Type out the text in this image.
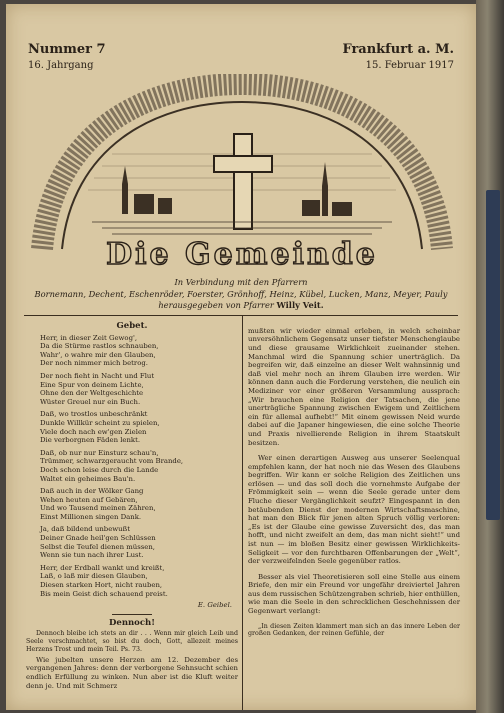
Nummer 7	Frankfurt a. M.
16. Jahrgang	15. Februar 1917
Die Gemeinde
In Verbindung mit den Pfarrern
Bornemann, Dechent, Eschenröder, Foerster, Grönhoff, Heinz, Kübel, Lucken, Manz, Meyer, Pauly
herausgegeben von Pfarrer Willy Veit.
Gebet.
Herr, in dieser Zeit Gewog',
Da die Stürme rastlos schnauben,
Wahr', o wahre mir den Glauben,
Der noch nimmer mich betrog.
Der noch fieht in Nacht und Flut
Eine Spur von deinem Lichte,
Ohne den der Weltgeschichte
Wüster Greuel nur ein Buch.
Daß, wo trostlos unbeschränkt
Dunkle Willkür scheint zu spielen,
Viele doch nach ew'gen Zielen
Die verborgnen Fäden lenkt.
Daß, ob nur nur Einsturz schau'n,
Trümmer, schwarzgeraucht vom Brande,
Doch schon leise durch die Lande
Waltet ein geheimes Bau'n.
Daß auch in der Wölker Gang
Wehen heuten auf Gebären,
Und wo Tausend meinen Zähren,
Einst Millionen singen Dank.
Ja, daß bildend unbewußt
Deiner Gnade heil'gen Schlüssen
Selbst die Teufel dienen müssen,
Wenn sie tun nach ihrer Lust.
Herr, der Erdball wankt und kreißt,
Laß, o laß mir diesen Glauben,
Diesen starken Hort, nicht rauben,
Bis mein Geist dich schauend preist.
E. Geibel.
Dennoch!
Dennoch bleibe ich stets an dir . . . Wenn mir gleich Leib und Seele verschmachtet, so bist du doch, Gott, allezeit meines Herzens Trost und mein Teil. Ps. 73.
Wie jubelten unsere Herzen am 12. Dezember des vergangenen Jahres: denn der verborgene Sehnsucht schien endlich Erfüllung zu winken. Nun aber ist die Kluft weiter denn je. Und mit Schmerz

mußten wir wieder einmal erleben, in welch scheinbar unversöhnlichem Gegensatz unser tiefster Menschenglaube und diese grausame Wirklichkeit zueinander stehen. Manchmal wird die Spannung schier unerträglich. Da begreifen wir, daß einzelne an dieser Welt wahnsinnig und daß viel mehr noch an ihrem Glauben irre werden. Wir können dann auch die Forderung verstehen, die neulich ein Mediziner vor einer größeren Versammlung aussprach: „Wir brauchen eine Religion der Tatsachen, die jene unerträgliche Spannung zwischen Ewigem und Zeitlichem ein für allemal aufhebt!“ Mit einem gewissen Neid wurde dabei auf die Japaner hingewiesen, die eine solche Theorie und Praxis nivellierende Religion in ihrem Staatskult besitzen.

Wer einen derartigen Ausweg aus unserer Seelenqual empfehlen kann, der hat noch nie das Wesen des Glaubens begriffen. Wir kann er solche Religion des Zeitlichen uns erlösen — und das soll doch die vornehmste Aufgabe der Frömmigkeit sein — wenn die Seele gerade unter dem Fluche dieser Vergänglichkeit seufzt? Eingespannt in den betäubenden Dienst der modernen Wirtschaftsmaschine, hat man den Blick für jenen alten Spruch völlig verloren: „Es ist der Glaube eine gewisse Zuversicht des, das man hofft, und nicht zweifelt an dem, das man nicht sieht!“ und ist nun — im bloßen Besitz einer gewissen Wirklichkeits-Seligkeit — vor den furchtbaren Offenbarungen der „Welt“, der verzweifelnden Seele gegenüber ratlos.

Besser als viel Theoretisieren soll eine Stelle aus einem Briefe, den mir ein Freund vor ungefähr dreiviertel Jahren aus dem russischen Schützengraben schrieb, hier enthüllen, wie man die Seele in den schrecklichen Geschehnissen der Gegenwart verlangt:

„In diesen Zeiten klammert man sich an das innere Leben der großen Gedanken, der reinen Gefühle, der
